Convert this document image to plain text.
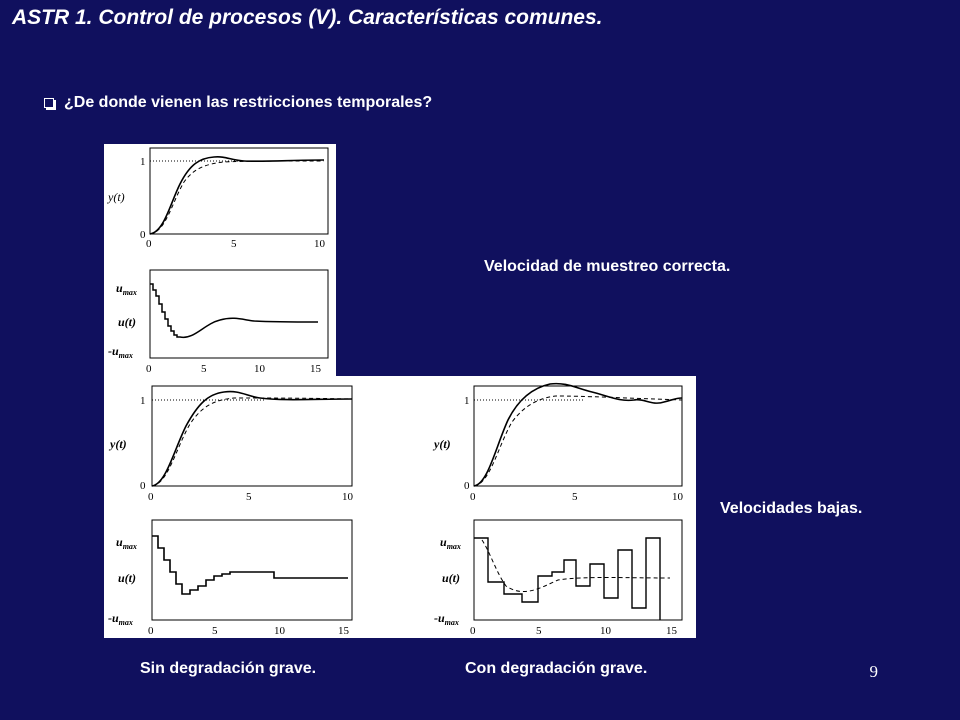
ASTR 1. Control de procesos (V). Características comunes.
¿De donde vienen las restricciones temporales?
1
0
y(t)
0	5	10
$u_{max}$
u(t)
$-u_{max}$
0	5	10	15
Velocidad de muestreo correcta.
1
0
y(t)
0	5	10
$u_{max}$
u(t)
$-u_{max}$
0	5	10	15
1
0
y(t)
0	5	10
$u_{max}$
u(t)
$-u_{max}$
0	5	10	15
Velocidades bajas.
Sin degradación grave.	Con degradación grave.	9
